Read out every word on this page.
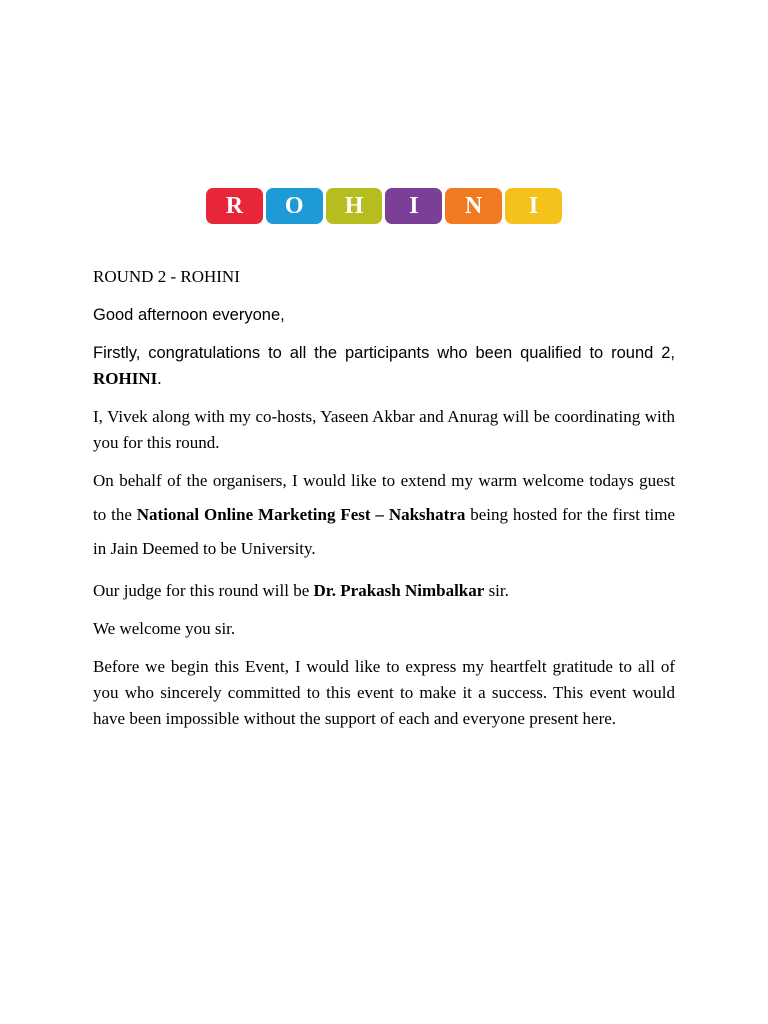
R	O	H	I	N	I

ROUND 2 - ROHINI

Good afternoon everyone,

Firstly, congratulations to all the participants who been qualified to round 2, ROHINI.

I, Vivek along with my co-hosts, Yaseen Akbar and Anurag will be coordinating with you for this round.

On behalf of the organisers, I would like to extend my warm welcome todays guest to the National Online Marketing Fest – Nakshatra being hosted for the first time in Jain Deemed to be University.

Our judge for this round will be Dr. Prakash Nimbalkar sir.

We welcome you sir.

Before we begin this Event, I would like to express my heartfelt gratitude to all of you who sincerely committed to this event to make it a success. This event would have been impossible without the support of each and everyone present here.
